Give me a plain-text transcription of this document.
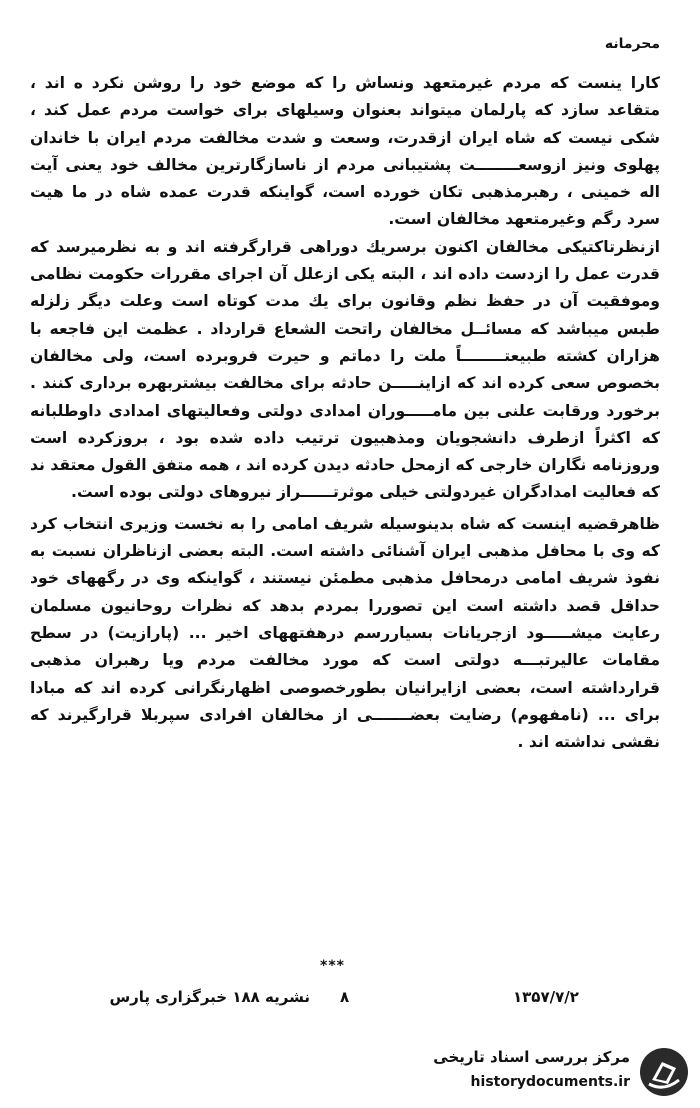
محرمانه

کارا ینست که مردم غیرمتعهد ونساش را که موضع خود را روشن نکرد ه اند ، متقاعد سازد که پارلمان میتواند بعنوان وسیلهای برای خواست مردم عمل کند ، شکی نیست که شاه ایران ازقدرت، وسعت و شدت مخالفت مردم ایران با خاندان پهلوی ونیز ازوسعــــــــت پشتیبانی مردم از ناسازگارترین مخالف خود یعنی آیت اله خمینی ، رهبرمذهبی تکان خورده است، گواینکه قدرت عمده شاه در ما هیت سرد رگم وغیرمتعهد مخالفان است.

ازنظرتاکتیکی مخالفان اکنون برسریك دوراهی قرارگرفته اند و به نظرمیرسد که قدرت عمل را ازدست داده اند ، البته یکی ازعلل آن اجرای مقررات حکومت نظامی وموفقیت آن در حفظ نظم وقانون برای یك مدت کوتاه است وعلت دیگر زلزله طبس میباشد که مسائــل مخالفان راتحت الشعاع قرارداد . عظمت این فاجعه با هزاران کشته طبیعتــــــــاً ملت را دماتم و حیرت فروبرده است، ولی مخالفان بخصوص سعی کرده اند که ازاینـــــن حادثه برای مخالفت بیشتربهره برداری کنند . برخورد ورقابت علنی بین مامـــــوران امدادی دولتی وفعالیتهای امدادی داوطلبانه که اکثراً ازطرف دانشجویان ومذهبیون ترتیب داده شده بود ، بروزکرده است وروزنامه نگاران خارجی که ازمحل حادثه دیدن کرده اند ، همه متفق القول معتقد ند که فعالیت امدادگران غیردولتی خیلی موثرتــــــراز نیروهای دولتی بوده است.

ظاهرقضیه اینست که شاه بدینوسیله شریف امامی را به نخست وزیری انتخاب کرد که وی با محافل مذهبی ایران آشنائی داشته است. البته بعضی ازناظران نسبت به نفوذ شریف امامی درمحافل مذهبی مطمئن نیستند ، گواینکه وی در رگههای خود حداقل قصد داشته است این تصوررا بمردم بدهد که نظرات روحانیون مسلمان رعایت میشـــــود ازجریانات بسیاررسم درهفتههای اخیر ... (پارازیت) در سطح مقامات عالیرتبـــه دولتی است که مورد مخالفت مردم ویا رهبران مذهبی قرارداشته است، بعضی ازایرانیان بطورخصوصی اظهارنگرانی کرده اند که مبادا برای ... (نامفهوم) رضایت بعضـــــــی از مخالفان افرادی سپربلا قرارگیرند که نقشی نداشته اند .

***
نشریه ۱۸۸ خبرگزاری پارس ۸	۱۳۵۷/۷/۲
مرکز بررسی اسناد تاریخی
historydocuments.ir
